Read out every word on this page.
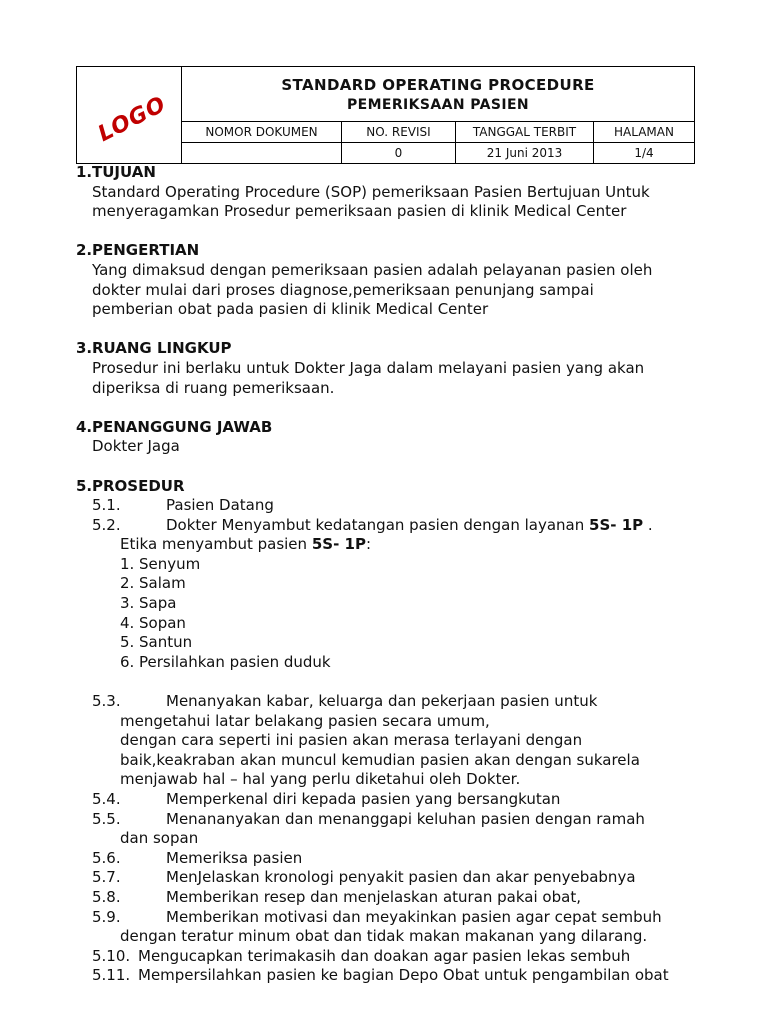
LOGO	STANDARD OPERATING PROCEDURE
PEMERIKSAAN PASIEN			

	NOMOR DOKUMEN	NO. REVISI	TANGGAL TERBIT	HALAMAN
		0	21 Juni 2013	1/4
1. TUJUAN
Standard Operating Procedure (SOP) pemeriksaan Pasien Bertujuan Untuk
menyeragamkan Prosedur pemeriksaan pasien di klinik Medical Center
2. PENGERTIAN
Yang dimaksud dengan pemeriksaan pasien adalah pelayanan pasien oleh
dokter mulai dari proses diagnose,pemeriksaan penunjang sampai
pemberian obat pada pasien di klinik Medical Center
3. RUANG LINGKUP
Prosedur ini berlaku untuk Dokter Jaga dalam melayani pasien yang akan
diperiksa di ruang pemeriksaan.
4. PENANGGUNG JAWAB
Dokter Jaga
5. PROSEDUR
5.1.	Pasien Datang
5.2.	Dokter Menyambut kedatangan pasien dengan layanan 5S- 1P .
Etika menyambut pasien 5S- 1P:
1. Senyum
2. Salam
3. Sapa
4. Sopan
5. Santun
6. Persilahkan pasien duduk
5.3.	Menanyakan kabar, keluarga dan pekerjaan pasien untuk
mengetahui latar belakang pasien secara umum,
dengan cara seperti ini pasien akan merasa terlayani dengan
baik,keakraban akan muncul kemudian pasien akan dengan sukarela
menjawab hal – hal yang perlu diketahui oleh Dokter.
5.4.	Memperkenal diri kepada pasien yang bersangkutan
5.5.	Menananyakan dan menanggapi keluhan pasien dengan ramah
dan sopan
5.6.	Memeriksa pasien
5.7.	MenJelaskan kronologi penyakit pasien dan akar penyebabnya
5.8.	Memberikan resep dan menjelaskan aturan pakai obat,
5.9.	Memberikan motivasi dan meyakinkan pasien agar cepat sembuh
dengan teratur minum obat dan tidak makan makanan yang dilarang.
5.10. Mengucapkan terimakasih dan doakan agar pasien lekas sembuh
5.11. Mempersilahkan pasien ke bagian Depo Obat untuk pengambilan obat
